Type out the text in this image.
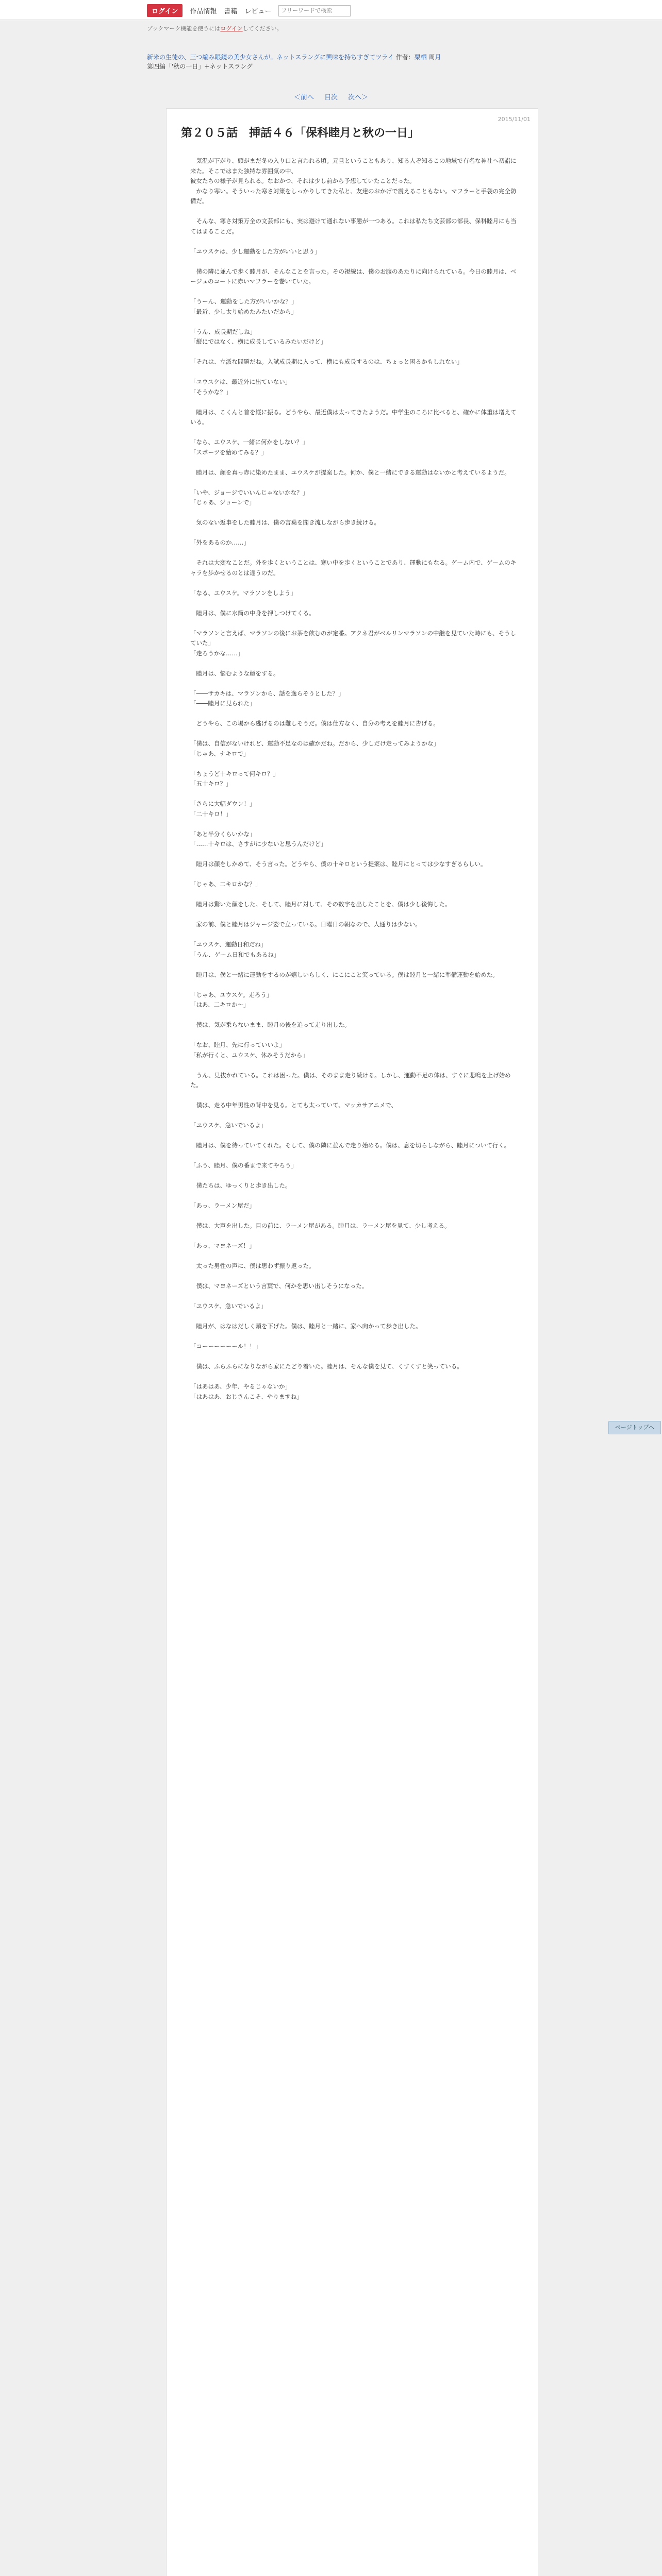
ログイン	作品情報 書籍 レビュー
フリーワードで検索
ブックマーク機能を使うにはログインしてください。
新米の生徒の、三つ編み眼鏡の美少女さんが。ネットスラングに興味を持ちすぎてツライ 作者：栗栖 周月
第四編「'秋の一日」+ネットスラング
＜前へ 目次 次へ＞
2015/11/01
第２０５話　挿話４６「保科睦月と秋の一日」

　気温が下がり、頭がまだ冬の入り口と言われる頃。元旦ということもあり、知る人ぞ知るこの地域で有名な神社へ初詣に来た。そこではまた独特な雰囲気の中、

彼女たちの様子が見られる。なおかつ、それは少し前から予想していたことだった。

　かなり寒い。そういった寒さ対策をしっかりしてきた私と、友達のおかげで震えることもない。マフラーと手袋の完全防備だ。

　そんな、寒さ対策万全の文芸部にも、実は避けて通れない事態が一つある。これは私たち文芸部の部長、保科睦月にも当てはまることだ。

「ユウスケは、少し運動をした方がいいと思う」

　僕の隣に並んで歩く睦月が、そんなことを言った。その視線は、僕のお腹のあたりに向けられている。今日の睦月は、ベージュのコートに赤いマフラーを巻いていた。

「うーん、運動をした方がいいかな？」

「最近、少し太り始めたみたいだから」

「うん、成長期だしね」

「縦にではなく、横に成長しているみたいだけど」

「それは、立派な問題だね。入試成長期に入って、横にも成長するのは、ちょっと困るかもしれない」

「ユウスケは、最近外に出ていない」

「そうかな？」

　睦月は、こくんと首を縦に振る。どうやら、最近僕は太ってきたようだ。中学生のころに比べると、確かに体重は増えている。

「なら、ユウスケ、一緒に何かをしない？」

「スポーツを始めてみる？」

　睦月は、顔を真っ赤に染めたまま、ユウスケが提案した。何か、僕と一緒にできる運動はないかと考えているようだ。

「いや、ジョージでいいんじゃないかな？」

「じゃあ、ジョーンで」

　気のない返事をした睦月は、僕の言葉を聞き流しながら歩き続ける。

「外をあるのか……」

　それは大変なことだ。外を歩くということは、寒い中を歩くということであり、運動にもなる。ゲーム内で、ゲームのキャラを歩かせるのとは違うのだ。

「なる、ユウスケ。マラソンをしよう」

　睦月は、僕に水筒の中身を押しつけてくる。

「マラソンと言えば、マラソンの後にお茶を飲むのが定番。アクネ君がベルリンマラソンの中継を見ていた時にも、そうしていた」

「走ろうかな……」

　睦月は、悩むような顔をする。

「――サカキは、マラソンから、話を逸らそうとした？」

「――睦月に見られた」

　どうやら、この場から逃げるのは難しそうだ。僕は仕方なく、自分の考えを睦月に告げる。

「僕は、自信がないけれど、運動不足なのは確かだね。だから、少しだけ走ってみようかな」

「じゃあ、ナキロで」

「ちょうど十キロって何キロ？」

「五十キロ？」

「さらに大幅ダウン！」

「二十キロ！」

「あと半分くらいかな」

「……十キロは、さすがに少ないと思うんだけど」

　睦月は顔をしかめて、そう言った。どうやら、僕の十キロという提案は、睦月にとっては少なすぎるらしい。

「じゃあ、二キロかな？」

　睦月は驚いた顔をした。そして、睦月に対して、その数字を出したことを、僕は少し後悔した。

　家の前、僕と睦月はジャージ姿で立っている。日曜日の朝なので、人通りは少ない。

「ユウスケ、運動日和だね」

「うん、ゲーム日和でもあるね」

　睦月は、僕と一緒に運動をするのが嬉しいらしく、にこにこと笑っている。僕は睦月と一緒に準備運動を始めた。

「じゃあ、ユウスケ。走ろう」

「はあ、二キロか～」

　僕は、気が乗らないまま、睦月の後を追って走り出した。

「なお、睦月、先に行っていいよ」

「私が行くと、ユウスケ、休みそうだから」

　うん、見抜かれている。これは困った。僕は、そのまま走り続ける。しかし、運動不足の体は、すぐに悲鳴を上げ始めた。

　僕は、走る中年男性の背中を見る。とても太っていて、マッカサアニメで、

「ユウスケ、急いでいるよ」

　睦月は、僕を待っていてくれた。そして、僕の隣に並んで走り始める。僕は、息を切らしながら、睦月について行く。

「ふう、睦月、僕の番まで来てやろう」

　僕たちは、ゆっくりと歩き出した。

「あっ、ラーメン屋だ」

　僕は、大声を出した。目の前に、ラーメン屋がある。睦月は、ラーメン屋を見て、少し考える。

「あっ、マヨネーズ！」

　太った男性の声に、僕は思わず振り返った。

　僕は、マヨネーズという言葉で、何かを思い出しそうになった。

「ユウスケ、急いでいるよ」

　睦月が、はなはだしく頭を下げた。僕は、睦月と一緒に、家へ向かって歩き出した。

「コーーーーーール！！」

　僕は、ふらふらになりながら家にたどり着いた。睦月は、そんな僕を見て、くすくすと笑っている。

「はあはあ、少年、やるじゃないか」

「はあはあ、おじさんこそ、やりますね」

ページトップへ
